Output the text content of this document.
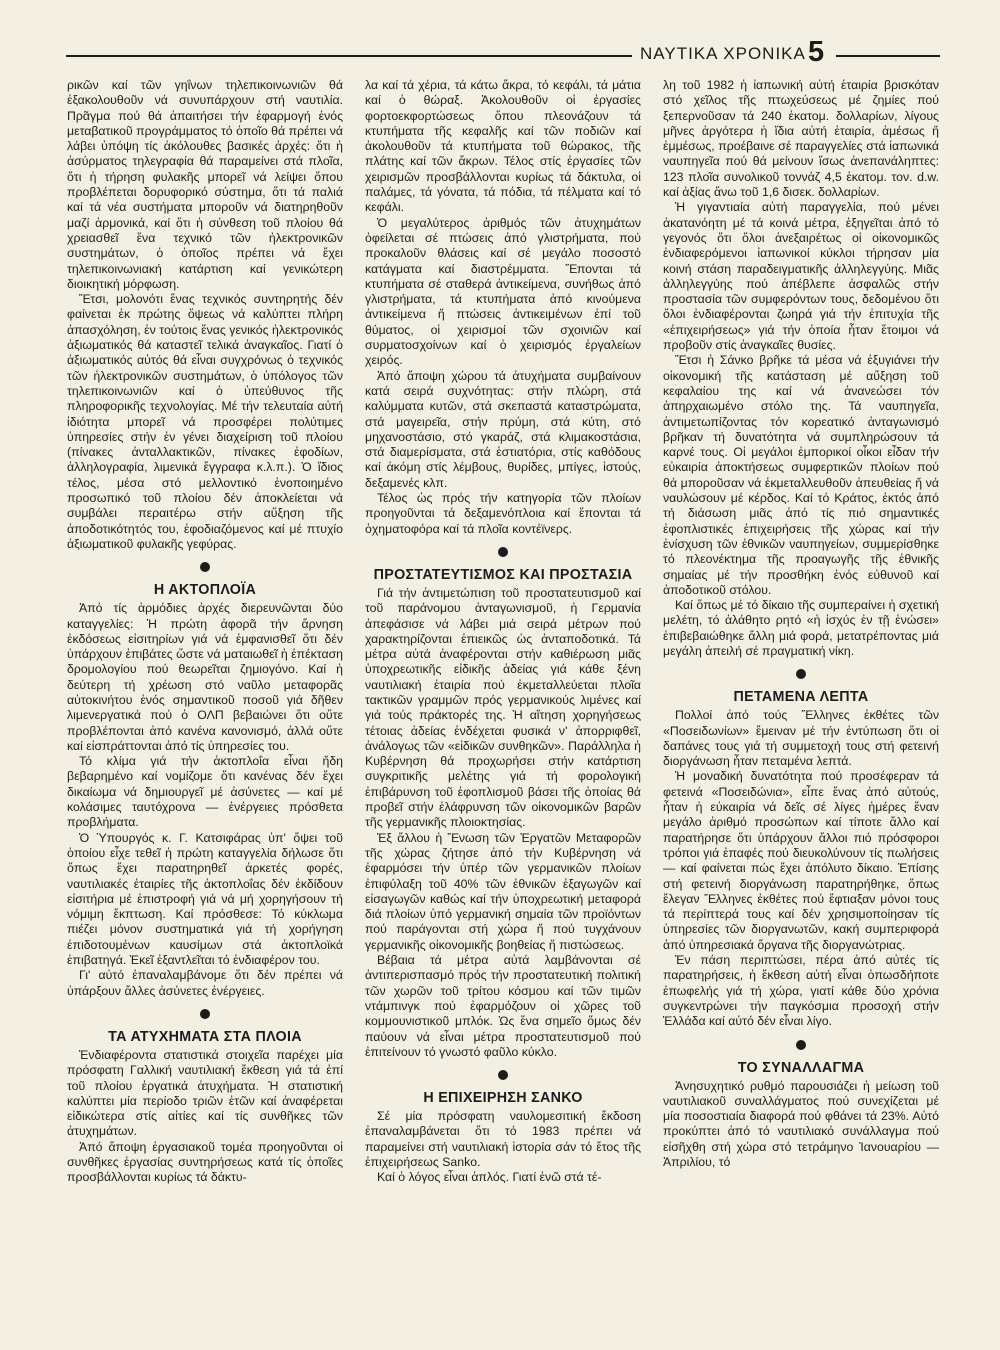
ΝΑΥΤΙΚΑ ΧΡΟΝΙΚΑ 5

ρικῶν καί τῶν γηΐνων τηλεπικοινωνιῶν θά ἐξακολουθοῦν νά συνυπάρχουν στή ναυτιλία. Πρᾶγμα πού θά ἀπαιτήσει τήν ἐφαρμογή ἑνός μεταβατικοῦ προγράμματος τό ὁποῖο θά πρέπει νά λάβει ὑπόψη τίς ἀκόλουθες βασικές ἀρχές: ὅτι ἡ ἀσύρματος τηλεγραφία θά παραμείνει στά πλοῖα, ὅτι ἡ τήρηση φυλακῆς μπορεῖ νά λείψει ὅπου προβλέπεται δορυφορικό σύστημα, ὅτι τά παλιά καί τά νέα συστήματα μποροῦν νά διατηρηθοῦν μαζί ἁρμονικά, καί ὅτι ἡ σύνθεση τοῦ πλοίου θά χρειασθεῖ ἕνα τεχνικό τῶν ἠλεκτρονικῶν συστημάτων, ὁ ὁποῖος πρέπει νά ἔχει τηλεπικοινωνιακή κατάρτιση καί γενικώτερη διοικητική μόρφωση.

Ἔτσι, μολονότι ἕνας τεχνικός συντηρητής δέν φαίνεται ἐκ πρώτης ὄψεως νά καλύπτει πλήρη ἀπασχόληση, ἐν τούτοις ἕνας γενικός ἠλεκτρονικός ἀξιωματικός θά καταστεῖ τελικά ἀναγκαῖος. Γιατί ὁ ἀξιωματικός αὐτός θά εἶναι συγχρόνως ὁ τεχνικός τῶν ἠλεκτρονικῶν συστημάτων, ὁ ὑπόλογος τῶν τηλεπικοινωνιῶν καί ὁ ὑπεύθυνος τῆς πληροφορικῆς τεχνολογίας. Μέ τήν τελευταία αὐτή ἰδιότητα μπορεῖ νά προσφέρει πολύτιμες ὑπηρεσίες στήν ἐν γένει διαχείριση τοῦ πλοίου (πίνακες ἀνταλλακτικῶν, πίνακες ἐφοδίων, ἀλληλογραφία, λιμενικά ἔγγραφα κ.λ.π.). Ὁ ἴδιος τέλος, μέσα στό μελλοντικό ἑνοποιημένο προσωπικό τοῦ πλοίου δέν ἀποκλείεται νά συμβάλει περαιτέρω στήν αὔξηση τῆς ἀποδοτικότητός του, ἐφοδιαζόμενος καί μέ πτυχίο ἀξιωματικοῦ φυλακῆς γεφύρας.

Η ΑΚΤΟΠΛΟΪΑ

Ἀπό τίς ἁρμόδιες ἀρχές διερευνῶνται δύο καταγγελίες: Ἡ πρώτη ἀφορᾶ τήν ἄρνηση ἐκδόσεως εἰσιτηρίων γιά νά ἐμφανισθεῖ ὅτι δέν ὑπάρχουν ἐπιβάτες ὥστε νά ματαιωθεῖ ἡ ἐπέκταση δρομολογίου πού θεωρεῖται ζημιογόνο. Καί ἡ δεύτερη τή χρέωση στό ναῦλο μεταφορᾶς αὐτοκινήτου ἑνός σημαντικοῦ ποσοῦ γιά δῆθεν λιμενεργατικά πού ὁ ΟΛΠ βεβαιώνει ὅτι οὔτε προβλέπονται ἀπό κανένα κανονισμό, ἀλλά οὔτε καί εἰσπράττονται ἀπό τίς ὑπηρεσίες του.

Τό κλίμα γιά τήν ἀκτοπλοΐα εἶναι ἤδη βεβαρημένο καί νομίζομε ὅτι κανένας δέν ἔχει δικαίωμα νά δημιουργεῖ μέ ἀσύνετες — καί μέ κολάσιμες ταυτόχρονα — ἐνέργειες πρόσθετα προβλήματα.

Ὁ Ὑπουργός κ. Γ. Κατσιφάρας ὑπ' ὄψει τοῦ ὁποίου εἶχε τεθεῖ ἡ πρώτη καταγγελία δήλωσε ὅτι ὅπως ἔχει παρατηρηθεῖ ἀρκετές φορές, ναυτιλιακές ἑταιρίες τῆς ἀκτοπλοΐας δέν ἐκδίδουν εἰσιτήρια μέ ἐπιστροφή γιά νά μή χορηγήσουν τή νόμιμη ἔκπτωση. Καί πρόσθεσε: Τό κύκλωμα πιέζει μόνον συστηματικά γιά τή χορήγηση ἐπιδοτουμένων καυσίμων στά ἀκτοπλοϊκά ἐπιβατηγά. Ἐκεῖ ἐξαντλεῖται τό ἐνδιαφέρον του.

Γι' αὐτό ἐπαναλαμβάνομε ὅτι δέν πρέπει νά ὑπάρξουν ἄλλες ἀσύνετες ἐνέργειες.

ΤΑ ΑΤΥΧΗΜΑΤΑ ΣΤΑ ΠΛΟΙΑ

Ἐνδιαφέροντα στατιστικά στοιχεῖα παρέχει μία πρόσφατη Γαλλική ναυτιλιακή ἔκθεση γιά τά ἐπί τοῦ πλοίου ἐργατικά ἀτυχήματα. Ἡ στατιστική καλύπτει μία περίοδο τριῶν ἐτῶν καί ἀναφέρεται εἰδικώτερα στίς αἰτίες καί τίς συνθῆκες τῶν ἀτυχημάτων.

Ἀπό ἄποψη ἐργασιακοῦ τομέα προηγοῦνται οἱ συνθῆκες ἐργασίας συντηρήσεως κατά τίς ὁποῖες προσβάλλονται κυρίως τά δάκτυ-

λα καί τά χέρια, τά κάτω ἄκρα, τό κεφάλι, τά μάτια καί ὁ θώραξ. Ἀκολουθοῦν οἱ ἐργασίες φορτοεκφορτώσεως ὅπου πλεονάζουν τά κτυπήματα τῆς κεφαλῆς καί τῶν ποδιῶν καί ἀκολουθοῦν τά κτυπήματα τοῦ θώρακος, τῆς πλάτης καί τῶν ἄκρων. Τέλος στίς ἐργασίες τῶν χειρισμῶν προσβάλλονται κυρίως τά δάκτυλα, οἱ παλάμες, τά γόνατα, τά πόδια, τά πέλματα καί τό κεφάλι.

Ὁ μεγαλύτερος ἀριθμός τῶν ἀτυχημάτων ὀφείλεται σέ πτώσεις ἀπό γλιστρήματα, πού προκαλοῦν θλάσεις καί σέ μεγάλο ποσοστό κατάγματα καί διαστρέμματα. Ἕπονται τά κτυπήματα σέ σταθερά ἀντικείμενα, συνήθως ἀπό γλιστρήματα, τά κτυπήματα ἀπό κινούμενα ἀντικείμενα ἤ πτώσεις ἀντικειμένων ἐπί τοῦ θύματος, οἱ χειρισμοί τῶν σχοινιῶν καί συρματοσχοίνων καί ὁ χειρισμός ἐργαλείων χειρός.

Ἀπό ἄποψη χώρου τά ἀτυχήματα συμβαίνουν κατά σειρά συχνότητας: στήν πλώρη, στά καλύμματα κυτῶν, στά σκεπαστά καταστρώματα, στά μαγειρεῖα, στήν πρύμη, στά κύτη, στό μηχανοστάσιο, στό γκαράζ, στά κλιμακοστάσια, στά διαμερίσματα, στά ἑστιατόρια, στίς καθόδους καί ἀκόμη στίς λέμβους, θυρίδες, μπίγες, ἱστούς, δεξαμενές κλπ.

Τέλος ὡς πρός τήν κατηγορία τῶν πλοίων προηγοῦνται τά δεξαμενόπλοια καί ἕπονται τά ὀχηματοφόρα καί τά πλοῖα κοντέϊνερς.

ΠΡΟΣΤΑΤΕΥΤΙΣΜΟΣ ΚΑΙ ΠΡΟΣΤΑΣΙΑ

Γιά τήν ἀντιμετώπιση τοῦ προστατευτισμοῦ καί τοῦ παράνομου ἀνταγωνισμοῦ, ἡ Γερμανία ἀπεφάσισε νά λάβει μιά σειρά μέτρων πού χαρακτηρίζονται ἐπιεικῶς ὡς ἀνταποδοτικά. Τά μέτρα αὐτά ἀναφέρονται στήν καθιέρωση μιᾶς ὑποχρεωτικῆς εἰδικῆς ἀδείας γιά κάθε ξένη ναυτιλιακή ἑταιρία πού ἐκμεταλλεύεται πλοῖα τακτικῶν γραμμῶν πρός γερμανικούς λιμένες καί γιά τούς πράκτορές της. Ἡ αἴτηση χορηγήσεως τέτοιας ἀδείας ἐνδέχεται φυσικά ν' ἀπορριφθεῖ, ἀνάλογως τῶν «εἰδικῶν συνθηκῶν». Παράλληλα ἡ Κυβέρνηση θά προχωρήσει στήν κατάρτιση συγκριτικῆς μελέτης γιά τή φορολογική ἐπιβάρυνση τοῦ ἐφοπλισμοῦ βάσει τῆς ὁποίας θά προβεῖ στήν ἐλάφρυνση τῶν οἰκονομικῶν βαρῶν τῆς γερμανικῆς πλοιοκτησίας.

Ἐξ ἄλλου ἡ Ἕνωση τῶν Ἐργατῶν Μεταφορῶν τῆς χώρας ζήτησε ἀπό τήν Κυβέρνηση νά ἐφαρμόσει τήν ὑπέρ τῶν γερμανικῶν πλοίων ἐπιφύλαξη τοῦ 40% τῶν ἐθνικῶν ἐξαγωγῶν καί εἰσαγωγῶν καθώς καί τήν ὑποχρεωτική μεταφορά διά πλοίων ὑπό γερμανική σημαία τῶν προϊόντων πού παράγονται στή χώρα ἤ πού τυγχάνουν γερμανικῆς οἰκονομικῆς βοηθείας ἤ πιστώσεως.

Βέβαια τά μέτρα αὐτά λαμβάνονται σέ ἀντιπερισπασμό πρός τήν προστατευτική πολιτική τῶν χωρῶν τοῦ τρίτου κόσμου καί τῶν τιμῶν ντάμπινγκ πού ἐφαρμόζουν οἱ χῶρες τοῦ κομμουνιστικοῦ μπλόκ. Ὡς ἕνα σημεῖο ὅμως δέν παύουν νά εἶναι μέτρα προστατευτισμοῦ πού ἐπιτείνουν τό γνωστό φαῦλο κύκλο.

Η ΕΠΙΧΕΙΡΗΣΗ ΣΑΝΚΟ

Σέ μία πρόσφατη ναυλομεσιτική ἔκδοση ἐπαναλαμβάνεται ὅτι τό 1983 πρέπει νά παραμείνει στή ναυτιλιακή ἱστορία σάν τό ἔτος τῆς ἐπιχειρήσεως Sanko.

Καί ὁ λόγος εἶναι ἁπλός. Γιατί ἐνῶ στά τέ-

λη τοῦ 1982 ἡ ἰαπωνική αὐτή ἑταιρία βρισκόταν στό χεῖλος τῆς πτωχεύσεως μέ ζημίες πού ξεπερνοῦσαν τά 240 ἑκατομ. δολλαρίων, λίγους μῆνες ἀργότερα ἡ ἴδια αὐτή ἑταιρία, ἀμέσως ἤ ἐμμέσως, προέβαινε σέ παραγγελίες στά ἰαπωνικά ναυπηγεῖα πού θά μείνουν ἴσως ἀνεπανάληπτες: 123 πλοῖα συνολικοῦ τοννάζ 4,5 ἑκατομ. τον. d.w. καί ἀξίας ἄνω τοῦ 1,6 δισεκ. δολλαρίων.

Ἡ γιγαντιαία αὐτή παραγγελία, πού μένει ἀκατανόητη μέ τά κοινά μέτρα, ἐξηγεῖται ἀπό τό γεγονός ὅτι ὅλοι ἀνεξαιρέτως οἱ οἰκονομικῶς ἐνδιαφερόμενοι ἰαπωνικοί κύκλοι τήρησαν μία κοινή στάση παραδειγματικῆς ἀλληλεγγύης. Μιᾶς ἀλληλεγγύης πού ἀπέβλεπε ἀσφαλῶς στήν προστασία τῶν συμφερόντων τους, δεδομένου ὅτι ὅλοι ἐνδιαφέρονται ζωηρά γιά τήν ἐπιτυχία τῆς «ἐπιχειρήσεως» γιά τήν ὁποία ἦταν ἕτοιμοι νά προβοῦν στίς ἀναγκαῖες θυσίες.

Ἔτσι ἡ Σάνκο βρῆκε τά μέσα νά ἐξυγιάνει τήν οἰκονομική τῆς κατάσταση μέ αὔξηση τοῦ κεφαλαίου της καί νά ἀνανεώσει τόν ἀπηρχαιωμένο στόλο της. Τά ναυπηγεῖα, ἀντιμετωπίζοντας τόν κορεατικό ἀνταγωνισμό βρῆκαν τή δυνατότητα νά συμπληρώσουν τά καρνέ τους. Οἱ μεγάλοι ἐμπορικοί οἶκοι εἶδαν τήν εὐκαιρία ἀποκτήσεως συμφερτικῶν πλοίων πού θά μποροῦσαν νά ἐκμεταλλευθοῦν ἀπευθείας ἤ νά ναυλώσουν μέ κέρδος. Καί τό Κράτος, ἐκτός ἀπό τή διάσωση μιᾶς ἀπό τίς πιό σημαντικές ἐφοπλιστικές ἐπιχειρήσεις τῆς χώρας καί τήν ἐνίσχυση τῶν ἐθνικῶν ναυπηγείων, συμμερίσθηκε τό πλεονέκτημα τῆς προαγωγῆς τῆς ἐθνικῆς σημαίας μέ τήν προσθήκη ἑνός εὐθυνοῦ καί ἀποδοτικοῦ στόλου.

Καί ὅπως μέ τό δίκαιο τῆς συμπεραίνει ἡ σχετική μελέτη, τό ἀλάθητο ρητό «ἡ ἰσχύς ἐν τῇ ἑνώσει» ἐπιβεβαιώθηκε ἄλλη μιά φορά, μετατρέποντας μιά μεγάλη ἀπειλή σέ πραγματική νίκη.

ΠΕΤΑΜΕΝΑ ΛΕΠΤΑ

Πολλοί ἀπό τούς Ἕλληνες ἐκθέτες τῶν «Ποσειδωνίων» ἔμειναν μέ τήν ἐντύπωση ὅτι οἱ δαπάνες τους γιά τή συμμετοχή τους στή φετεινή διοργάνωση ἦταν πεταμένα λεπτά.

Ἡ μοναδική δυνατότητα πού προσέφεραν τά φετεινά «Ποσειδώνια», εἶπε ἕνας ἀπό αὐτούς, ἦταν ἡ εὐκαιρία νά δεῖς σέ λίγες ἡμέρες ἕναν μεγάλο ἀριθμό προσώπων καί τίποτε ἄλλο καί παρατήρησε ὅτι ὑπάρχουν ἄλλοι πιό πρόσφοροι τρόποι γιά ἐπαφές πού διευκολύνουν τίς πωλήσεις — καί φαίνεται πώς ἔχει ἀπόλυτο δίκαιο. Ἐπίσης στή φετεινή διοργάνωση παρατηρήθηκε, ὅπως ἔλεγαν Ἕλληνες ἐκθέτες πού ἔφτιαξαν μόνοι τους τά περίπτερά τους καί δέν χρησιμοποίησαν τίς ὑπηρεσίες τῶν διοργανωτῶν, κακή συμπεριφορά ἀπό ὑπηρεσιακά ὄργανα τῆς διοργανώτριας.

Ἐν πάση περιπτώσει, πέρα ἀπό αὐτές τίς παρατηρήσεις, ἡ ἔκθεση αὐτή εἶναι ὁπωσδήποτε ἐπωφελής γιά τή χώρα, γιατί κάθε δύο χρόνια συγκεντρώνει τήν παγκόσμια προσοχή στήν Ἑλλάδα καί αὐτό δέν εἶναι λίγο.

ΤΟ ΣΥΝΑΛΛΑΓΜΑ

Ἀνησυχητικό ρυθμό παρουσιάζει ἡ μείωση τοῦ ναυτιλιακοῦ συναλλάγματος πού συνεχίζεται μέ μία ποσοστιαία διαφορά πού φθάνει τά 23%. Αὐτό προκύπτει ἀπό τό ναυτιλιακό συνάλλαγμα πού εἰσῆχθη στή χώρα στό τετράμηνο Ἰανουαρίου — Ἀπριλίου, τό
